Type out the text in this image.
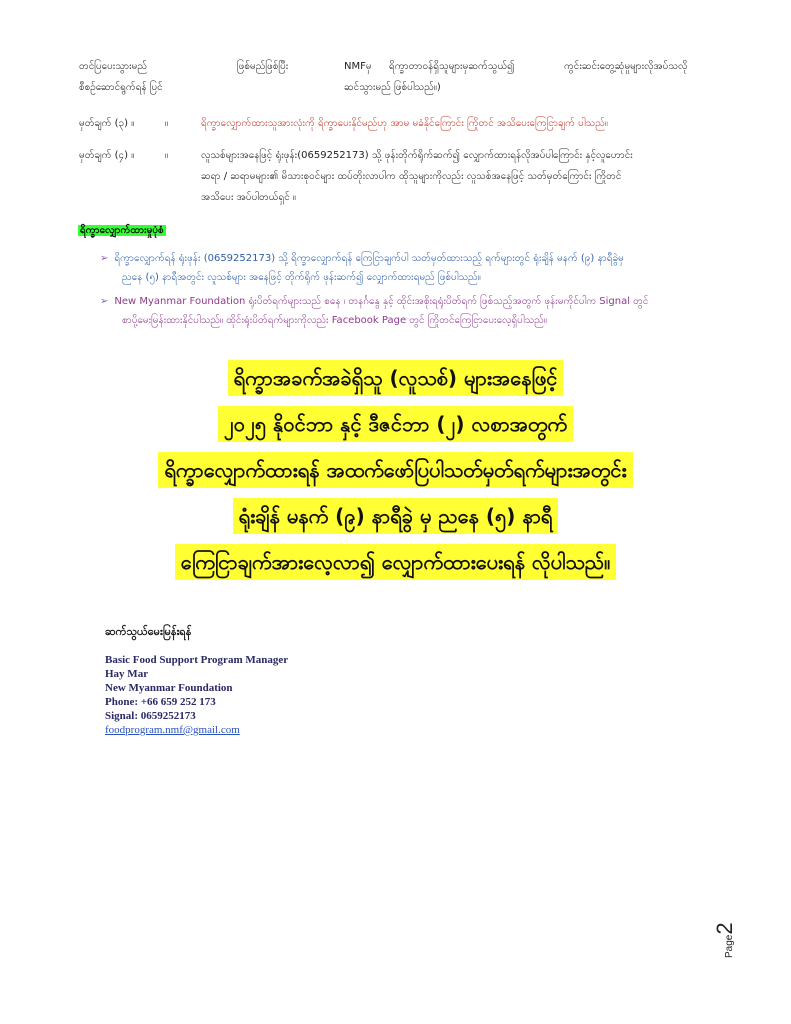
တင်ပြပေးသွားမည်	ဖြစ်မည်ဖြစ်ပြီး	NMFမှ ရိက္ခာတာဝန်ရှိသူများမှဆက်သွယ်၍	ကွင်းဆင်းတွေ့ဆုံမှုများလိုအပ်သလို
စီစဉ်ဆောင်ရွက်ရန် ပြင်	ဆင်သွားမည် ဖြစ်ပါသည်။)
မှတ်ချက် (၃) ။	။	ရိက္ခာလျှောက်ထားသူအားလုံးကို ရိက္ခာပေးနိုင်မည်ဟု အာမ မခံနိုင်ကြောင်း ကြိုတင် အသိပေးကြေငြာချက် ပါသည်။
မှတ်ချက် (၄) ။	။	လူသစ်များအနေဖြင့် ရုံးဖုန်း(0659252173) သို့ ဖုန်းတိုက်ရိုက်ဆက်၍ လျှောက်ထားရန်လိုအပ်ပါကြောင်း နှင့်လူဟောင်း
ဆရာ / ဆရာမများ၏ မိသားစုဝင်များ ထပ်တိုးလာပါက ထိုသူများကိုလည်း လူသစ်အနေဖြင့် သတ်မှတ်ကြောင်း ကြိုတင်
အသိပေး အပ်ပါတယ်ရှင် ။
ရိက္ခာလျှောက်ထားမှုပုံစံ
➢ ရိက္ခာလျှောက်ရန် ရုံးဖုန်း (0659252173) သို့ ရိက္ခာလျှောက်ရန် ကြေငြာချက်ပါ သတ်မှတ်ထားသည့် ရက်များတွင် ရုံးချိန် မနက် (၉) နာရီခွဲမှ
ညနေ (၅) နာရီအတွင်း လူသစ်များ အနေဖြင့် တိုက်ရိုက် ဖုန်းဆက်၍ လျှောက်ထားရမည် ဖြစ်ပါသည်။
➢ New Myanmar Foundation ရုံးပိတ်ရက်များသည် စနေ ၊ တနင်္ဂနွေ နှင့် ထိုင်းအစိုးရရုံးပိတ်ရက် ဖြစ်သည့်အတွက် ဖုန်းမကိုင်ပါက Signal တွင်
စာပို့မေးမြန်းထားနိုင်ပါသည်။ ထိုင်းရုံးပိတ်ရက်များကိုလည်း Facebook Page တွင် ကြိုတင်ကြေငြာပေးလေ့ရှိပါသည်။
ရိက္ခာအခက်အခဲရှိသူ (လူသစ်) များအနေဖြင့်
၂၀၂၅ နိုဝင်ဘာ နှင့် ဒီဇင်ဘာ (၂) လစာအတွက်
ရိက္ခာလျှောက်ထားရန် အထက်ဖော်ပြပါသတ်မှတ်ရက်များအတွင်း
ရုံးချိန် မနက် (၉) နာရီခွဲ မှ ညနေ (၅) နာရီ
ကြေငြာချက်အားလေ့လာ၍ လျှောက်ထားပေးရန် လိုပါသည်။
ဆက်သွယ်မေးမြန်းရန်
Basic Food Support Program Manager
Hay Mar
New Myanmar Foundation
Phone: +66 659 252 173
Signal: 0659252173
foodprogram.nmf@gmail.com
Page2
